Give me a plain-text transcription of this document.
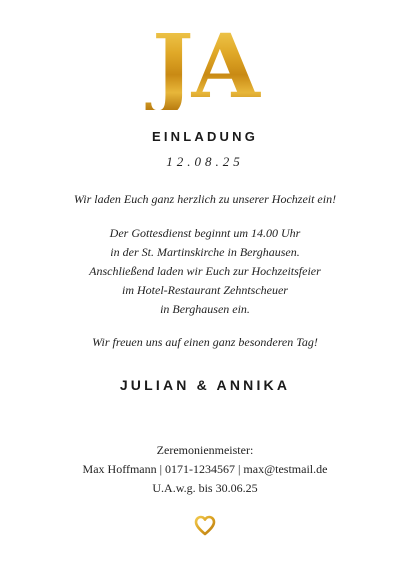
JA
EINLADUNG
12.08.25
Wir laden Euch ganz herzlich zu unserer Hochzeit ein!
Der Gottesdienst beginnt um 14.00 Uhr
in der St. Martinskirche in Berghausen.
Anschließend laden wir Euch zur Hochzeitsfeier
im Hotel-Restaurant Zehntscheuer
in Berghausen ein.
Wir freuen uns auf einen ganz besonderen Tag!
JULIAN & ANNIKA
Zeremonienmeister:
Max Hoffmann | 0171-1234567 | max@testmail.de
U.A.w.g. bis 30.06.25
